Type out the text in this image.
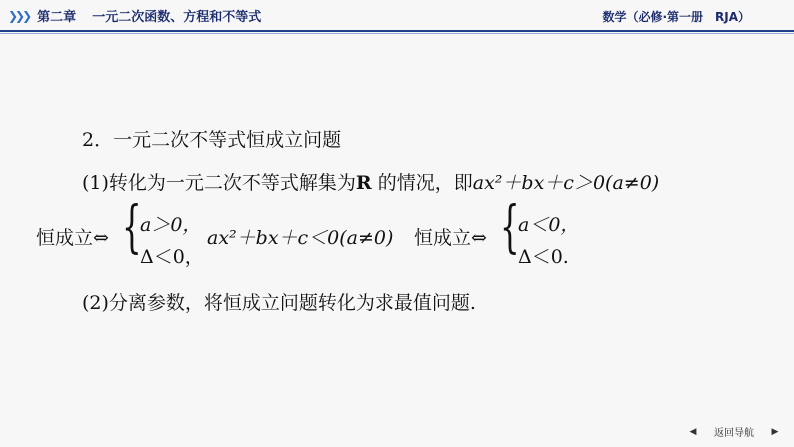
❯❯❯ 第二章 一元二次函数、方程和不等式	数学（必修·第一册　RJA）
2．一元二次不等式恒成立问题
(1)转化为一元二次不等式解集为R 的情况，即ax²＋bx＋c＞0(a≠0)
恒成立⇔ {
a＞0，
Δ＜0，
ax²＋bx＋c＜0(a≠0) 恒成立⇔ {
a＜0，
Δ＜0.
(2)分离参数，将恒成立问题转化为求最值问题.
◀	返回导航	▶
